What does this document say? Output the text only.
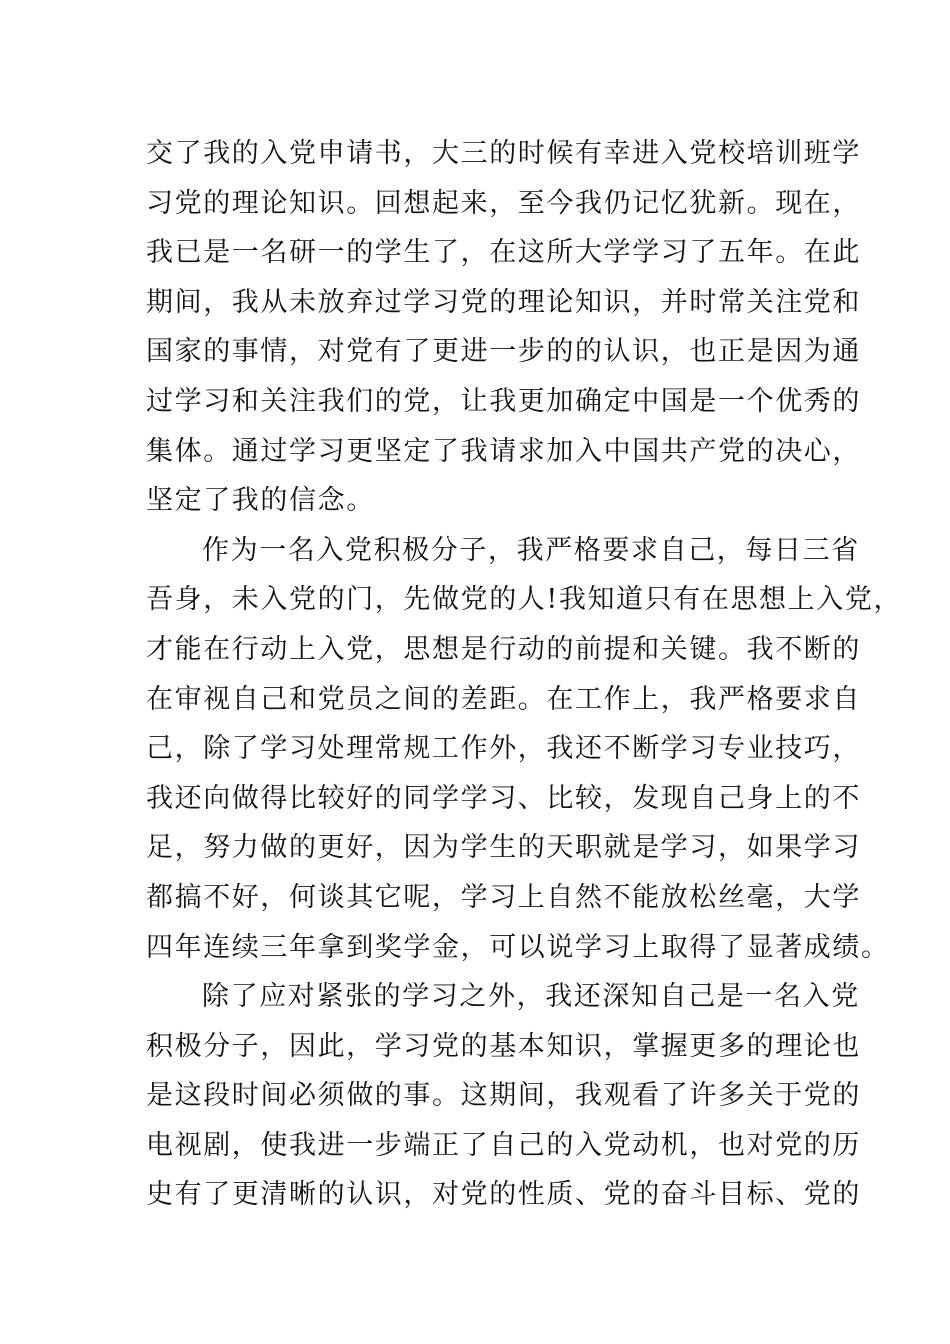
交了我的入党申请书，大三的时候有幸进入党校培训班学
习党的理论知识。回想起来，至今我仍记忆犹新。现在，
我已是一名研一的学生了，在这所大学学习了五年。在此
期间，我从未放弃过学习党的理论知识，并时常关注党和
国家的事情，对党有了更进一步的的认识，也正是因为通
过学习和关注我们的党，让我更加确定中国是一个优秀的
集体。通过学习更坚定了我请求加入中国共产党的决心，
坚定了我的信念。
作为一名入党积极分子，我严格要求自己，每日三省
吾身，未入党的门，先做党的人!我知道只有在思想上入党，
才能在行动上入党，思想是行动的前提和关键。我不断的
在审视自己和党员之间的差距。在工作上，我严格要求自
己，除了学习处理常规工作外，我还不断学习专业技巧，
我还向做得比较好的同学学习、比较，发现自己身上的不
足，努力做的更好，因为学生的天职就是学习，如果学习
都搞不好，何谈其它呢，学习上自然不能放松丝毫，大学
四年连续三年拿到奖学金，可以说学习上取得了显著成绩。
除了应对紧张的学习之外，我还深知自己是一名入党
积极分子，因此，学习党的基本知识，掌握更多的理论也
是这段时间必须做的事。这期间，我观看了许多关于党的
电视剧，使我进一步端正了自己的入党动机，也对党的历
史有了更清晰的认识，对党的性质、党的奋斗目标、党的
